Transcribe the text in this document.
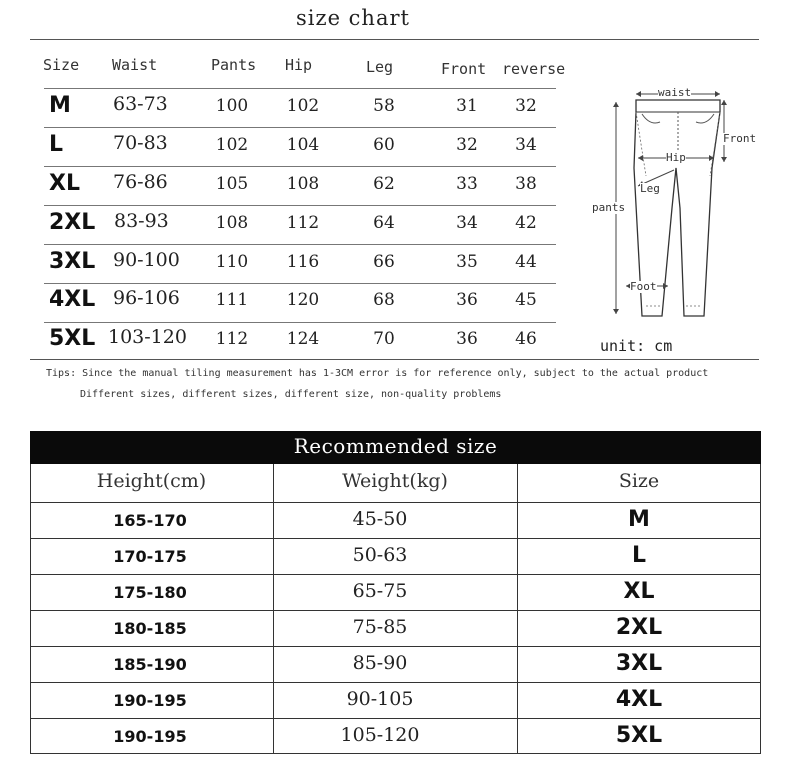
size chart
Size Waist	Pants Hip	Leg	Front reverse
M 63-73	100 102	58	31	32
L	70-83	102 104	60	32	34
XL 76-86	105 108	62	33	38
2XL 83-93	108 112	64	34	42
3XL 90-100 110 116	66	35	44
4XL 96-106 111 120	68	36	45
5XL 103-120 112 124	70	36	46
waist
Front
Hip
Leg
pants
Foot
unit: cm
Tips: Since the manual tiling measurement has 1-3CM error is for reference only, subject to the actual product
Different sizes, different sizes, different size, non-quality problems
Recommended size
Height(cm)	Weight(kg)	Size
165-170	45-50	M
170-175	50-63	L
175-180	65-75	XL
180-185	75-85	2XL
185-190	85-90	3XL
190-195	90-105	4XL
190-195	105-120	5XL
